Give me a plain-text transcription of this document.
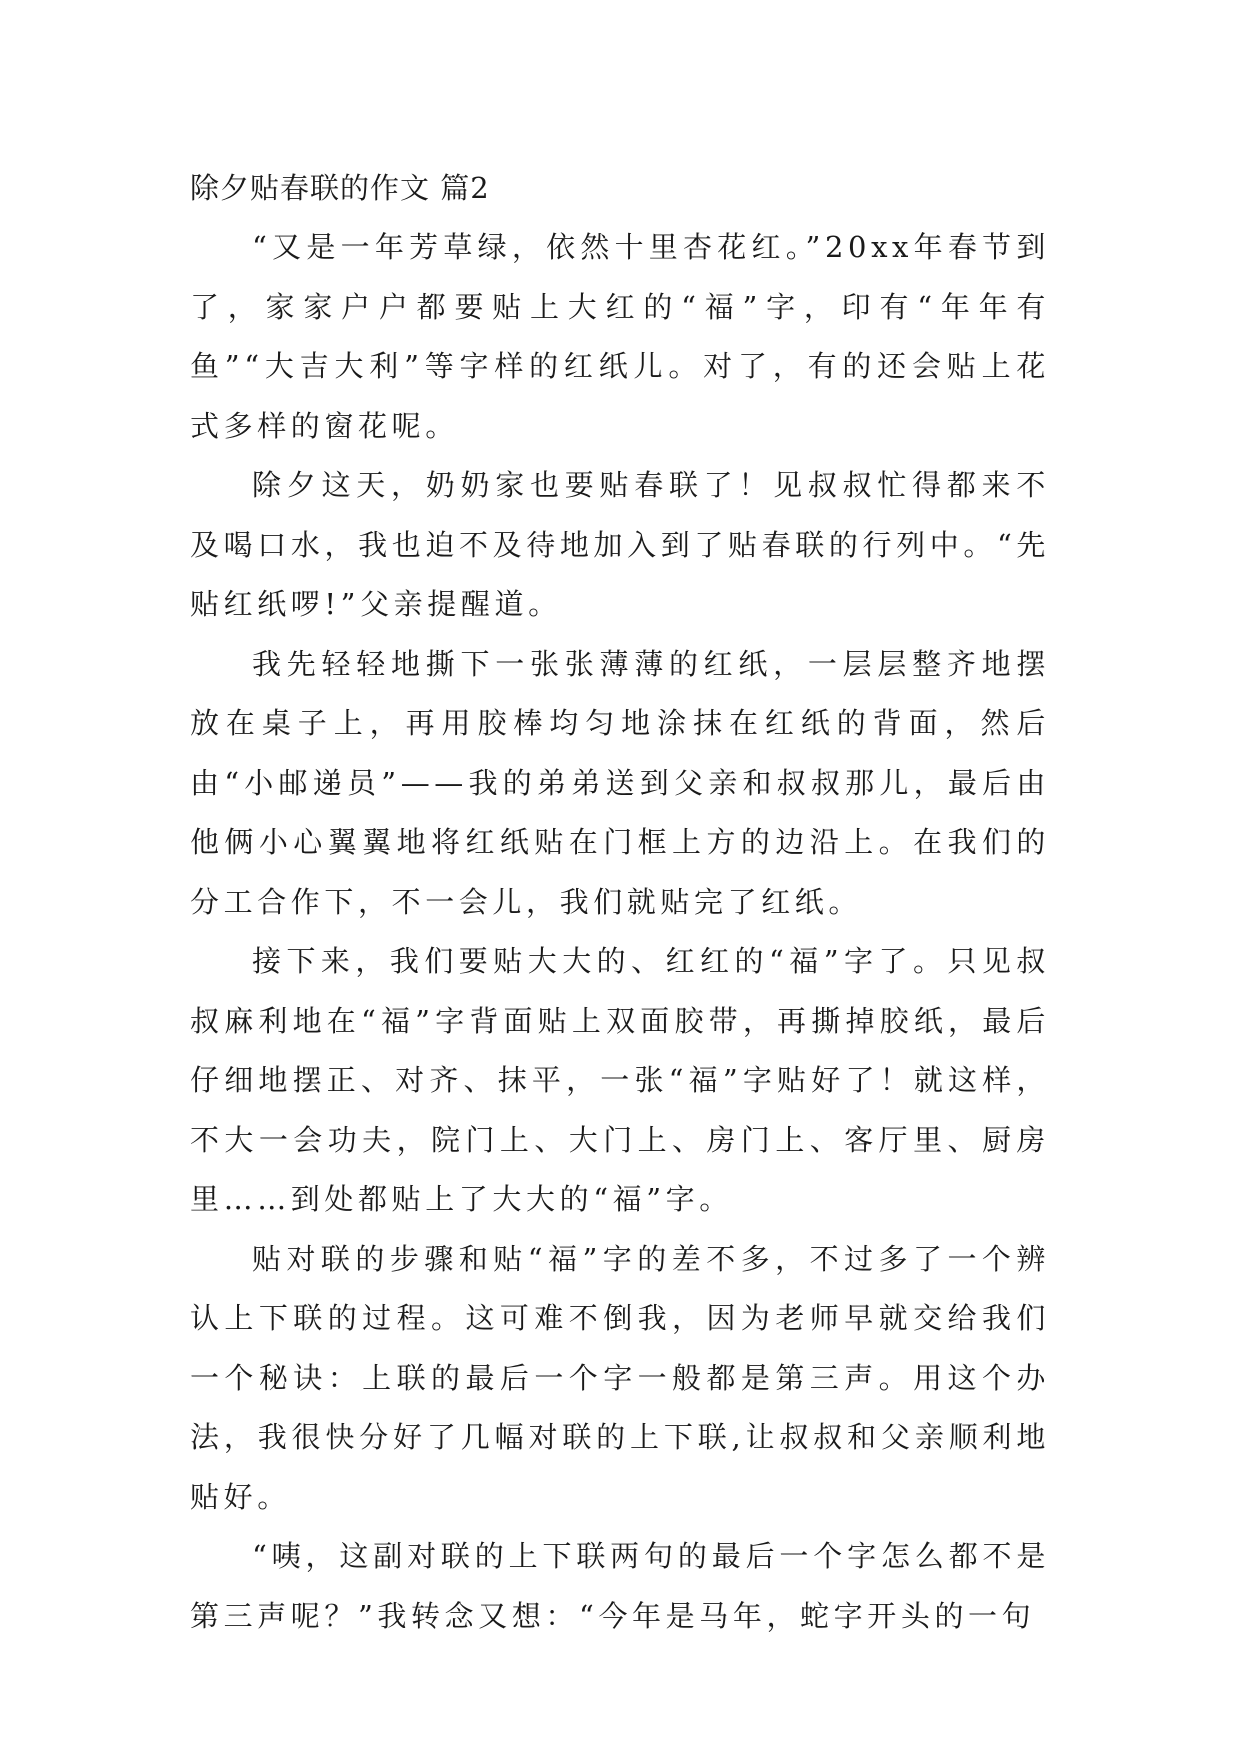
除夕贴春联的作文 篇2

“又是一年芳草绿，依然十里杏花红。”20xx年春节到了，家家户户都要贴上大红的“福”字，印有“年年有鱼”“大吉大利”等字样的红纸儿。对了，有的还会贴上花式多样的窗花呢。

除夕这天，奶奶家也要贴春联了！见叔叔忙得都来不及喝口水，我也迫不及待地加入到了贴春联的行列中。“先贴红纸啰!”父亲提醒道。

我先轻轻地撕下一张张薄薄的红纸，一层层整齐地摆放在桌子上，再用胶棒均匀地涂抹在红纸的背面，然后由“小邮递员”——我的弟弟送到父亲和叔叔那儿，最后由他俩小心翼翼地将红纸贴在门框上方的边沿上。在我们的分工合作下，不一会儿，我们就贴完了红纸。

接下来，我们要贴大大的、红红的“福”字了。只见叔叔麻利地在“福”字背面贴上双面胶带，再撕掉胶纸，最后仔细地摆正、对齐、抹平，一张“福”字贴好了！就这样，不大一会功夫，院门上、大门上、房门上、客厅里、厨房里……到处都贴上了大大的“福”字。

贴对联的步骤和贴“福”字的差不多，不过多了一个辨认上下联的过程。这可难不倒我，因为老师早就交给我们一个秘诀：上联的最后一个字一般都是第三声。用这个办法，我很快分好了几幅对联的上下联,让叔叔和父亲顺利地贴好。

“咦，这副对联的上下联两句的最后一个字怎么都不是第三声呢？”我转念又想：“今年是马年，蛇字开头的一句
